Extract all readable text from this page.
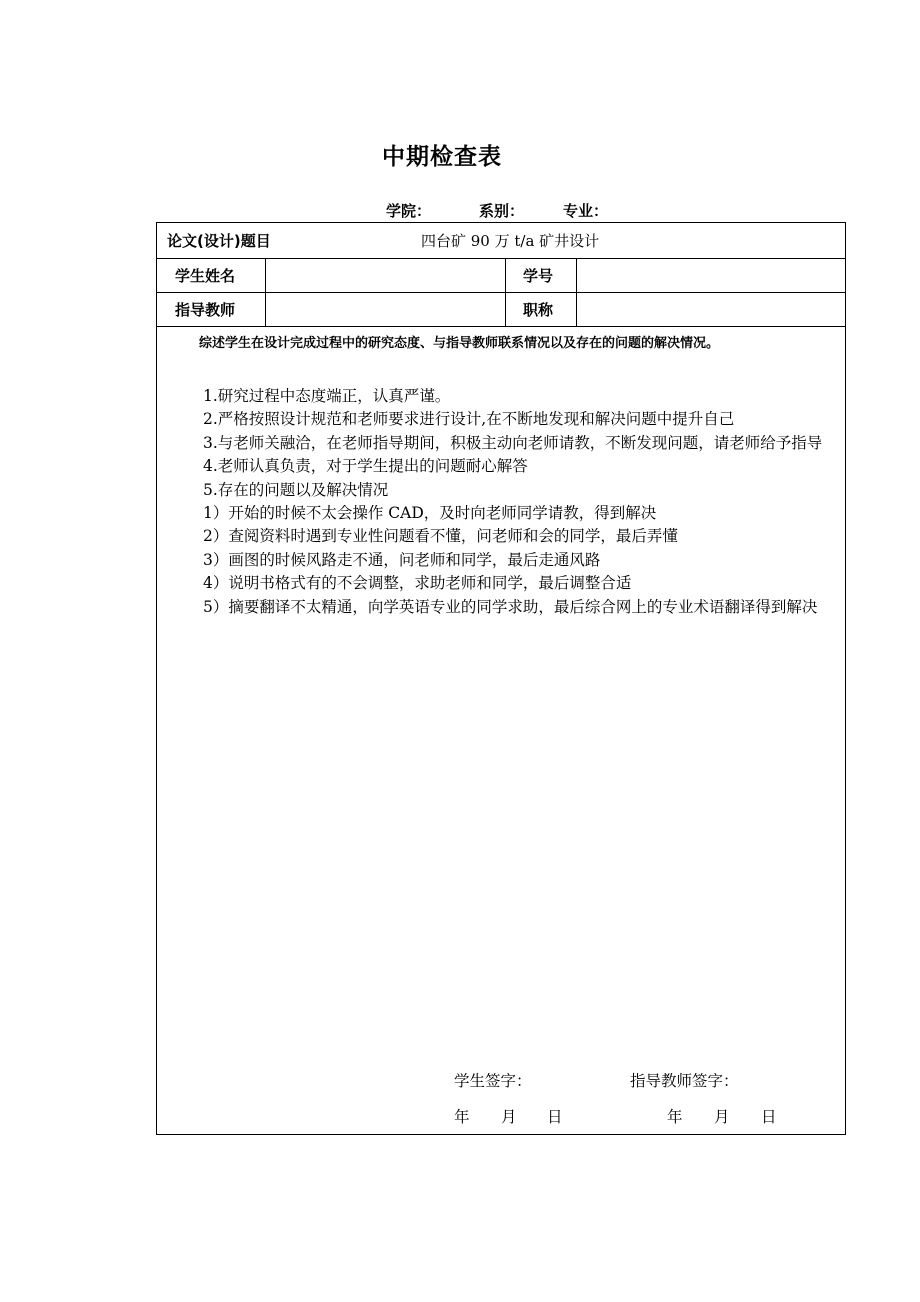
中期检查表
学院：	系别：	专业：
论文(设计)题目	四台矿 90 万 t/a 矿井设计
学生姓名	学号
指导教师	职称
综述学生在设计完成过程中的研究态度、与指导教师联系情况以及存在的问题的解决情况。

1.研究过程中态度端正，认真严谨。

2.严格按照设计规范和老师要求进行设计,在不断地发现和解决问题中提升自己

3.与老师关融洽，在老师指导期间，积极主动向老师请教，不断发现问题，请老师给予指导

4.老师认真负责，对于学生提出的问题耐心解答

5.存在的问题以及解决情况

1）开始的时候不太会操作 CAD，及时向老师同学请教，得到解决

2）查阅资料时遇到专业性问题看不懂，问老师和会的同学，最后弄懂

3）画图的时候风路走不通，问老师和同学，最后走通风路

4）说明书格式有的不会调整，求助老师和同学，最后调整合适

5）摘要翻译不太精通，向学英语专业的同学求助，最后综合网上的专业术语翻译得到解决

学生签字：	指导教师签字：
年 月 日	年 月 日
